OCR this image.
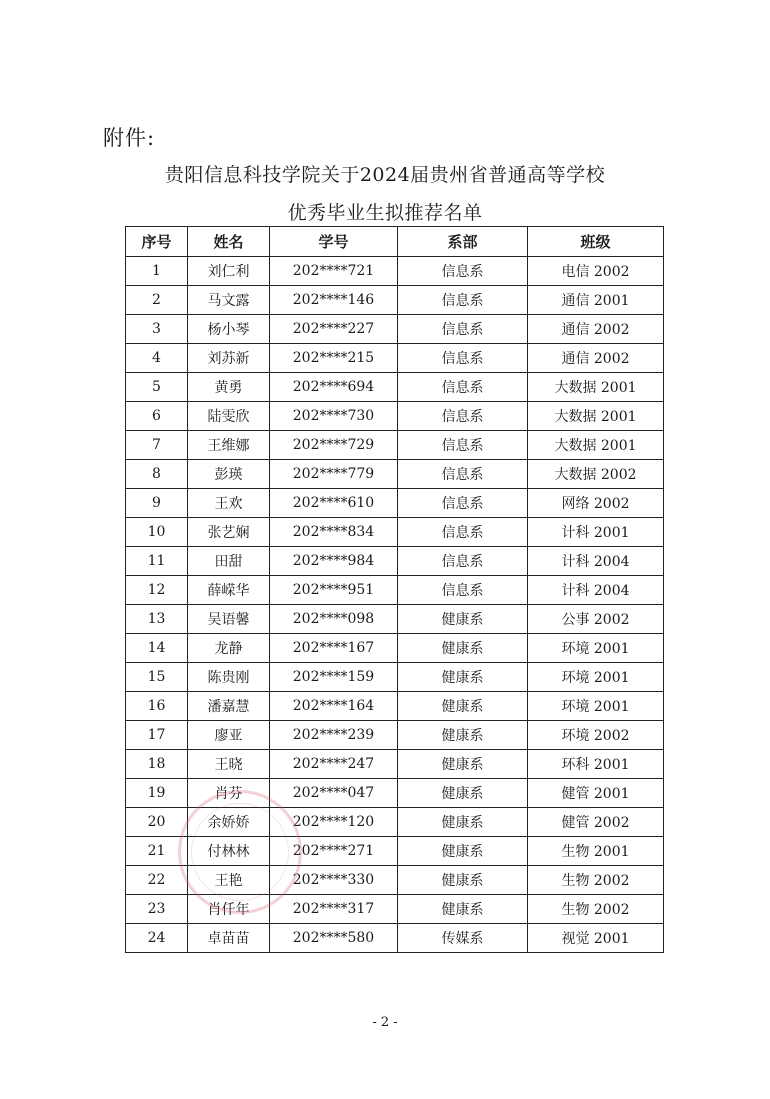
附件:
贵阳信息科技学院关于2024届贵州省普通高等学校
优秀毕业生拟推荐名单
序号	姓名	学号	系部	班级
1	刘仁利	202****721	信息系	电信 2002
2	马文露	202****146	信息系	通信 2001
3	杨小琴	202****227	信息系	通信 2002
4	刘苏新	202****215	信息系	通信 2002
5	黄勇	202****694	信息系	大数据 2001
6	陆雯欣	202****730	信息系	大数据 2001
7	王维娜	202****729	信息系	大数据 2001
8	彭瑛	202****779	信息系	大数据 2002
9	王欢	202****610	信息系	网络 2002
10	张艺娴	202****834	信息系	计科 2001
11	田甜	202****984	信息系	计科 2004
12	薛嵘华	202****951	信息系	计科 2004
13	吴语馨	202****098	健康系	公事 2002
14	龙静	202****167	健康系	环境 2001
15	陈贵刚	202****159	健康系	环境 2001
16	潘嘉慧	202****164	健康系	环境 2001
17	廖亚	202****239	健康系	环境 2002
18	王晓	202****247	健康系	环科 2001
19	肖芬	202****047	健康系	健管 2001
20	余娇娇	202****120	健康系	健管 2002
21	付林林	202****271	健康系	生物 2001
22	王艳	202****330	健康系	生物 2002
23	肖仟年	202****317	健康系	生物 2002
24	卓苗苗	202****580	传媒系	视觉 2001
- 2 -
